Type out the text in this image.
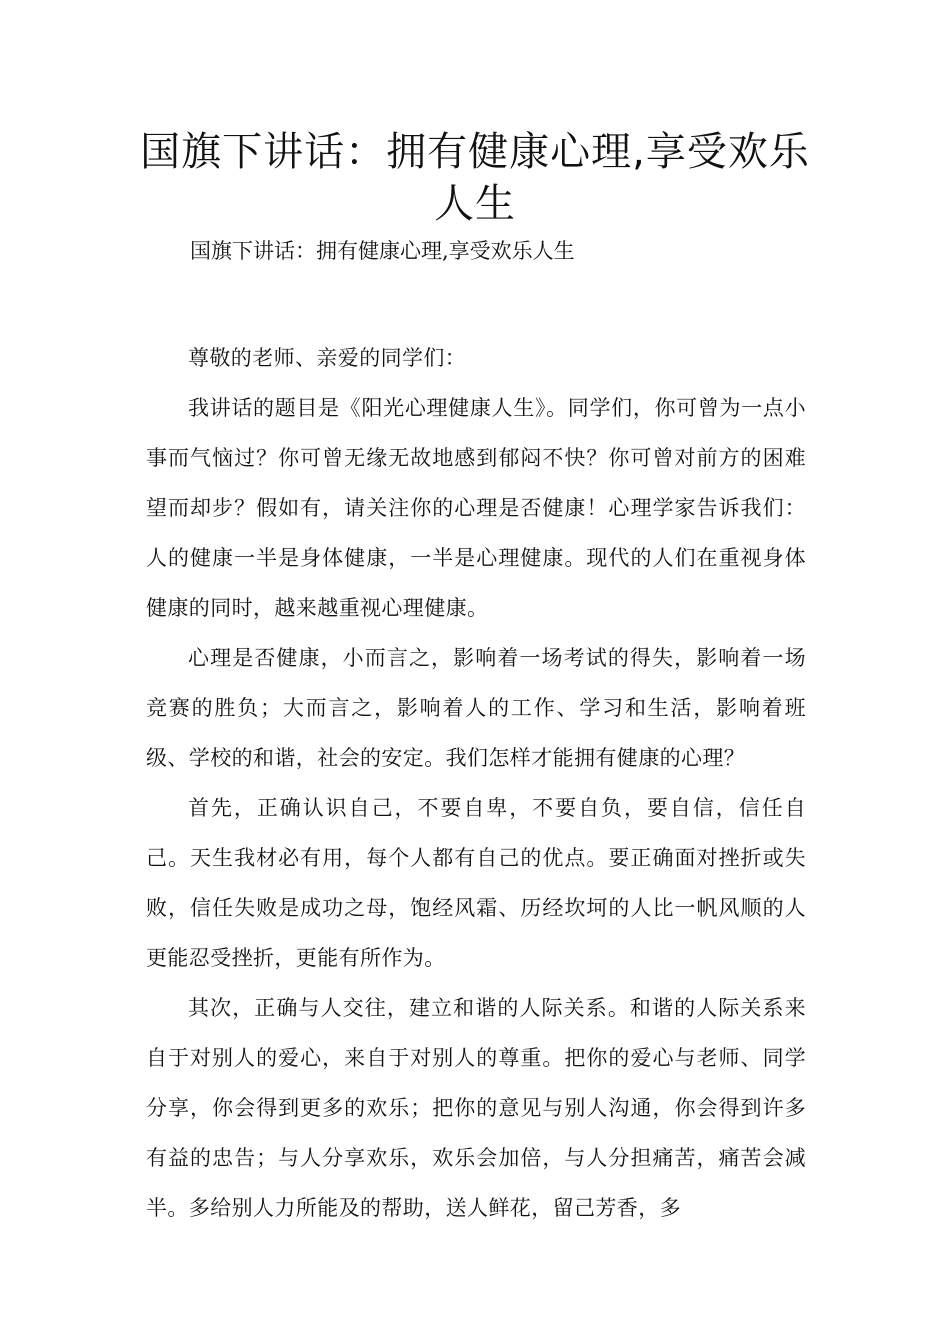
国旗下讲话：拥有健康心理,享受欢乐人生

国旗下讲话：拥有健康心理,享受欢乐人生

尊敬的老师、亲爱的同学们：

我讲话的题目是《阳光心理健康人生》。同学们，你可曾为一点小事而气恼过？你可曾无缘无故地感到郁闷不快？你可曾对前方的困难望而却步？假如有，请关注你的心理是否健康！心理学家告诉我们：人的健康一半是身体健康，一半是心理健康。现代的人们在重视身体健康的同时，越来越重视心理健康。

心理是否健康，小而言之，影响着一场考试的得失，影响着一场竞赛的胜负；大而言之，影响着人的工作、学习和生活，影响着班级、学校的和谐，社会的安定。我们怎样才能拥有健康的心理？

首先，正确认识自己，不要自卑，不要自负，要自信，信任自己。天生我材必有用，每个人都有自己的优点。要正确面对挫折或失败，信任失败是成功之母，饱经风霜、历经坎坷的人比一帆风顺的人更能忍受挫折，更能有所作为。

其次，正确与人交往，建立和谐的人际关系。和谐的人际关系来自于对别人的爱心，来自于对别人的尊重。把你的爱心与老师、同学分享，你会得到更多的欢乐；把你的意见与别人沟通，你会得到许多有益的忠告；与人分享欢乐，欢乐会加倍，与人分担痛苦，痛苦会减半。多给别人力所能及的帮助，送人鲜花，留己芳香，多
